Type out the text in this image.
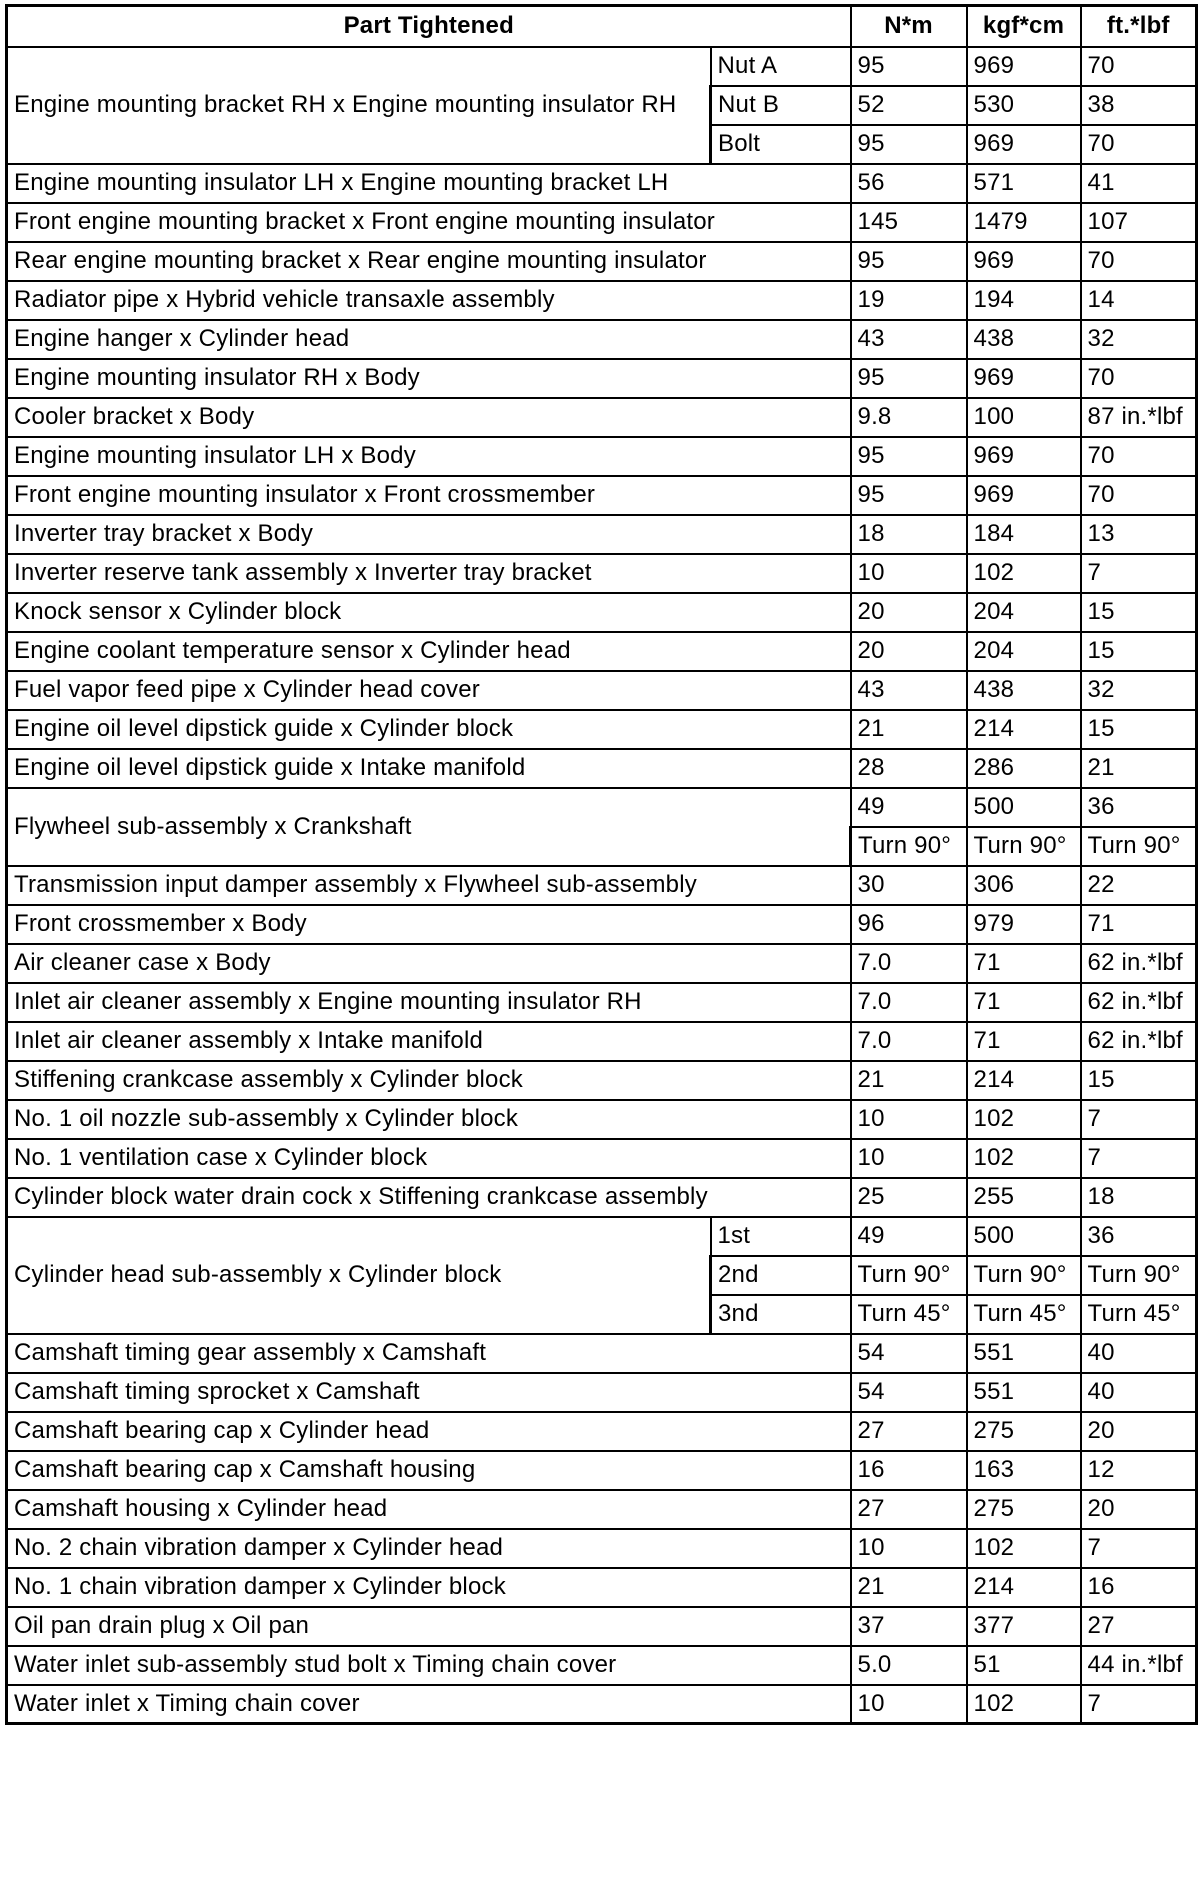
Part Tightened		N*m	kgf*cm	ft.*lbf
Engine mounting bracket RH x Engine mounting insulator RH	Nut A	95	969	70
	Nut B	52	530	38
	Bolt	95	969	70
Engine mounting insulator LH x Engine mounting bracket LH		56	571	41
Front engine mounting bracket x Front engine mounting insulator		145	1479	107
Rear engine mounting bracket x Rear engine mounting insulator		95	969	70
Radiator pipe x Hybrid vehicle transaxle assembly		19	194	14
Engine hanger x Cylinder head		43	438	32
Engine mounting insulator RH x Body		95	969	70
Cooler bracket x Body		9.8	100	87 in.*lbf
Engine mounting insulator LH x Body		95	969	70
Front engine mounting insulator x Front crossmember		95	969	70
Inverter tray bracket x Body		18	184	13
Inverter reserve tank assembly x Inverter tray bracket		10	102	7
Knock sensor x Cylinder block		20	204	15
Engine coolant temperature sensor x Cylinder head		20	204	15
Fuel vapor feed pipe x Cylinder head cover		43	438	32
Engine oil level dipstick guide x Cylinder block		21	214	15
Engine oil level dipstick guide x Intake manifold		28	286	21
Flywheel sub-assembly x Crankshaft		49	500	36
		Turn 90°	Turn 90°	Turn 90°
Transmission input damper assembly x Flywheel sub-assembly		30	306	22
Front crossmember x Body		96	979	71
Air cleaner case x Body		7.0	71	62 in.*lbf
Inlet air cleaner assembly x Engine mounting insulator RH		7.0	71	62 in.*lbf
Inlet air cleaner assembly x Intake manifold		7.0	71	62 in.*lbf
Stiffening crankcase assembly x Cylinder block		21	214	15
No. 1 oil nozzle sub-assembly x Cylinder block		10	102	7
No. 1 ventilation case x Cylinder block		10	102	7
Cylinder block water drain cock x Stiffening crankcase assembly		25	255	18
Cylinder head sub-assembly x Cylinder block	1st	49	500	36
	2nd	Turn 90°	Turn 90°	Turn 90°
	3nd	Turn 45°	Turn 45°	Turn 45°
Camshaft timing gear assembly x Camshaft		54	551	40
Camshaft timing sprocket x Camshaft		54	551	40
Camshaft bearing cap x Cylinder head		27	275	20
Camshaft bearing cap x Camshaft housing		16	163	12
Camshaft housing x Cylinder head		27	275	20
No. 2 chain vibration damper x Cylinder head		10	102	7
No. 1 chain vibration damper x Cylinder block		21	214	16
Oil pan drain plug x Oil pan		37	377	27
Water inlet sub-assembly stud bolt x Timing chain cover		5.0	51	44 in.*lbf
Water inlet x Timing chain cover		10	102	7
